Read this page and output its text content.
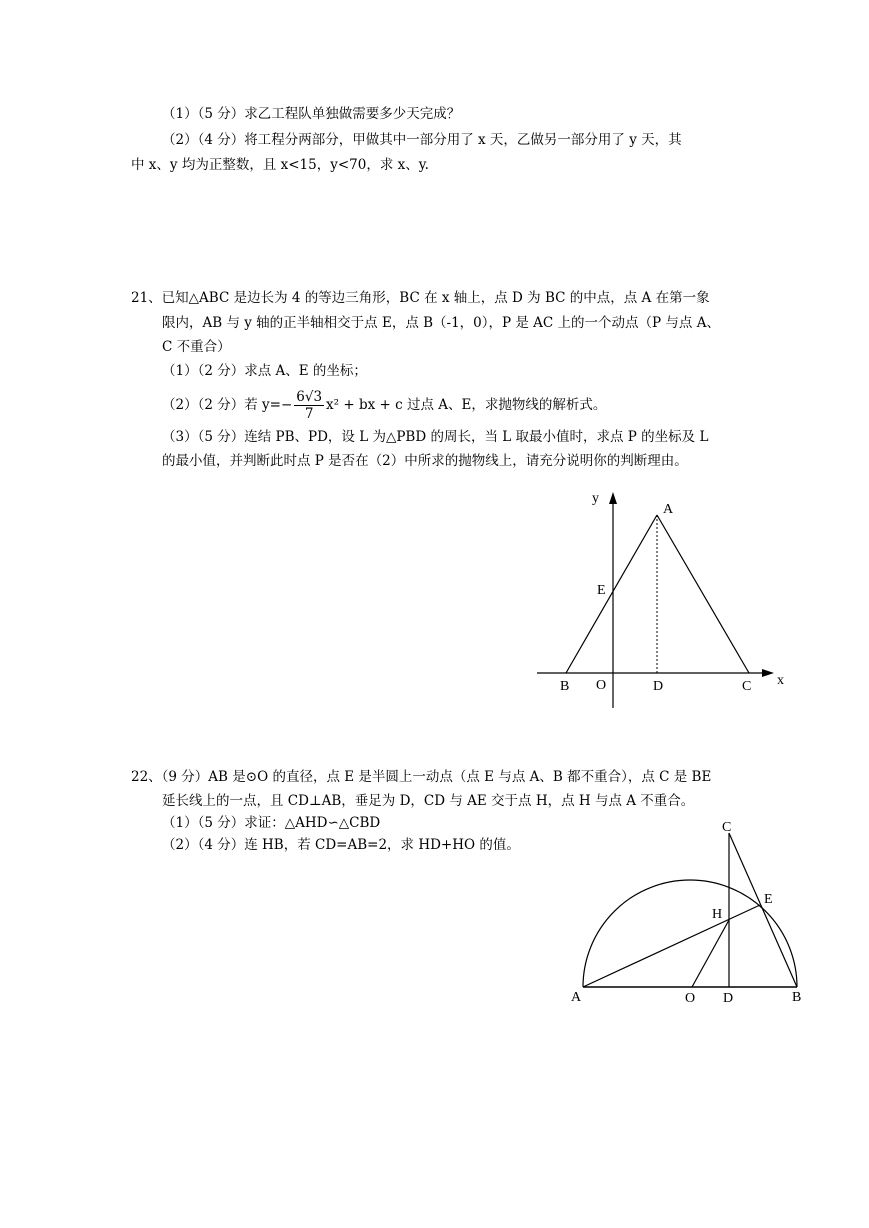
（1）（5 分）求乙工程队单独做需要多少天完成？
（2）（4 分）将工程分两部分，甲做其中一部分用了 x 天，乙做另一部分用了 y 天，其
中 x、y 均为正整数，且 x<15，y<70，求 x、y.
21、已知△ABC 是边长为 4 的等边三角形，BC 在 x 轴上，点 D 为 BC 的中点，点 A 在第一象
限内，AB 与 y 轴的正半轴相交于点 E，点 B（-1，0），P 是 AC 上的一个动点（P 与点 A、
C 不重合）
（1）（2 分）求点 A、E 的坐标；
（2）（2 分）若 $y=- \frac{6√3}{7} x^2$ + bx + c 过点 A、E，求抛物线的解析式。
（3）（5 分）连结 PB、PD，设 L 为△PBD 的周长，当 L 取最小值时，求点 P 的坐标及 L
的最小值，并判断此时点 P 是否在（2）中所求的抛物线上，请充分说明你的判断理由。
y
A
E
B O	D	C x
22、（9 分）AB 是⊙O 的直径，点 E 是半圆上一动点（点 E 与点 A、B 都不重合），点 C 是 BE
延长线上的一点，且 CD⊥AB，垂足为 D，CD 与 AE 交于点 H，点 H 与点 A 不重合。
（1）（5 分）求证：△AHD∽△CBD
（2）（4 分）连 HB，若 CD=AB=2，求 HD+HO 的值。
C
E
H
A	O D	B
